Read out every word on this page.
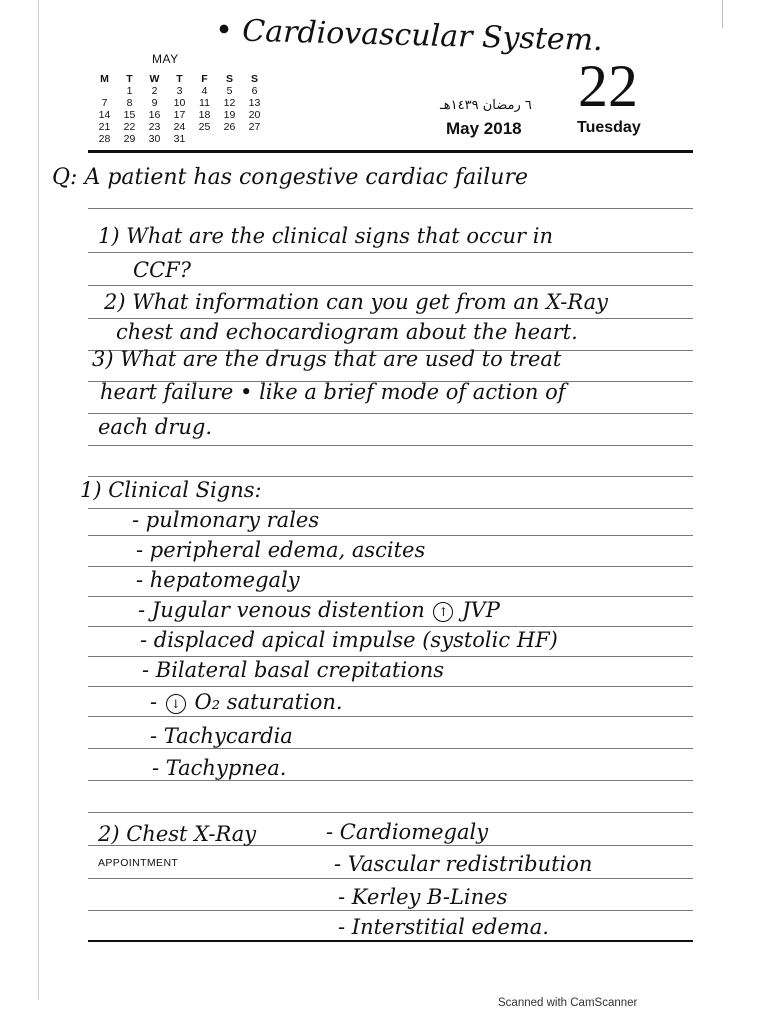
• Cardiovascular System.
MAY
M	T	W	T	F	S	S
	1	2	3	4	5	6
7	8	9	10	11	12	13
14	15	16	17	18	19	20
21	22	23	24	25	26	27
28	29	30	31			
٦ رمضان ١٤٣٩هـ
May 2018
22
Tuesday
Q: A patient has congestive cardiac failure
1) What are the clinical signs that occur in
CCF?
2) What information can you get from an X-Ray
chest and echocardiogram about the heart.
3) What are the drugs that are used to treat
heart failure • like a brief mode of action of
each drug.
1) Clinical Signs:
- pulmonary rales
- peripheral edema, ascites
- hepatomegaly
- Jugular venous distention ↑ JVP
- displaced apical impulse (systolic HF)
- Bilateral basal crepitations
- ↓ O₂ saturation.
- Tachycardia
- Tachypnea.
2) Chest X-Ray	- Cardiomegaly
- Vascular redistribution
- Kerley B-Lines
- Interstitial edema.
APPOINTMENT
Scanned with CamScanner
